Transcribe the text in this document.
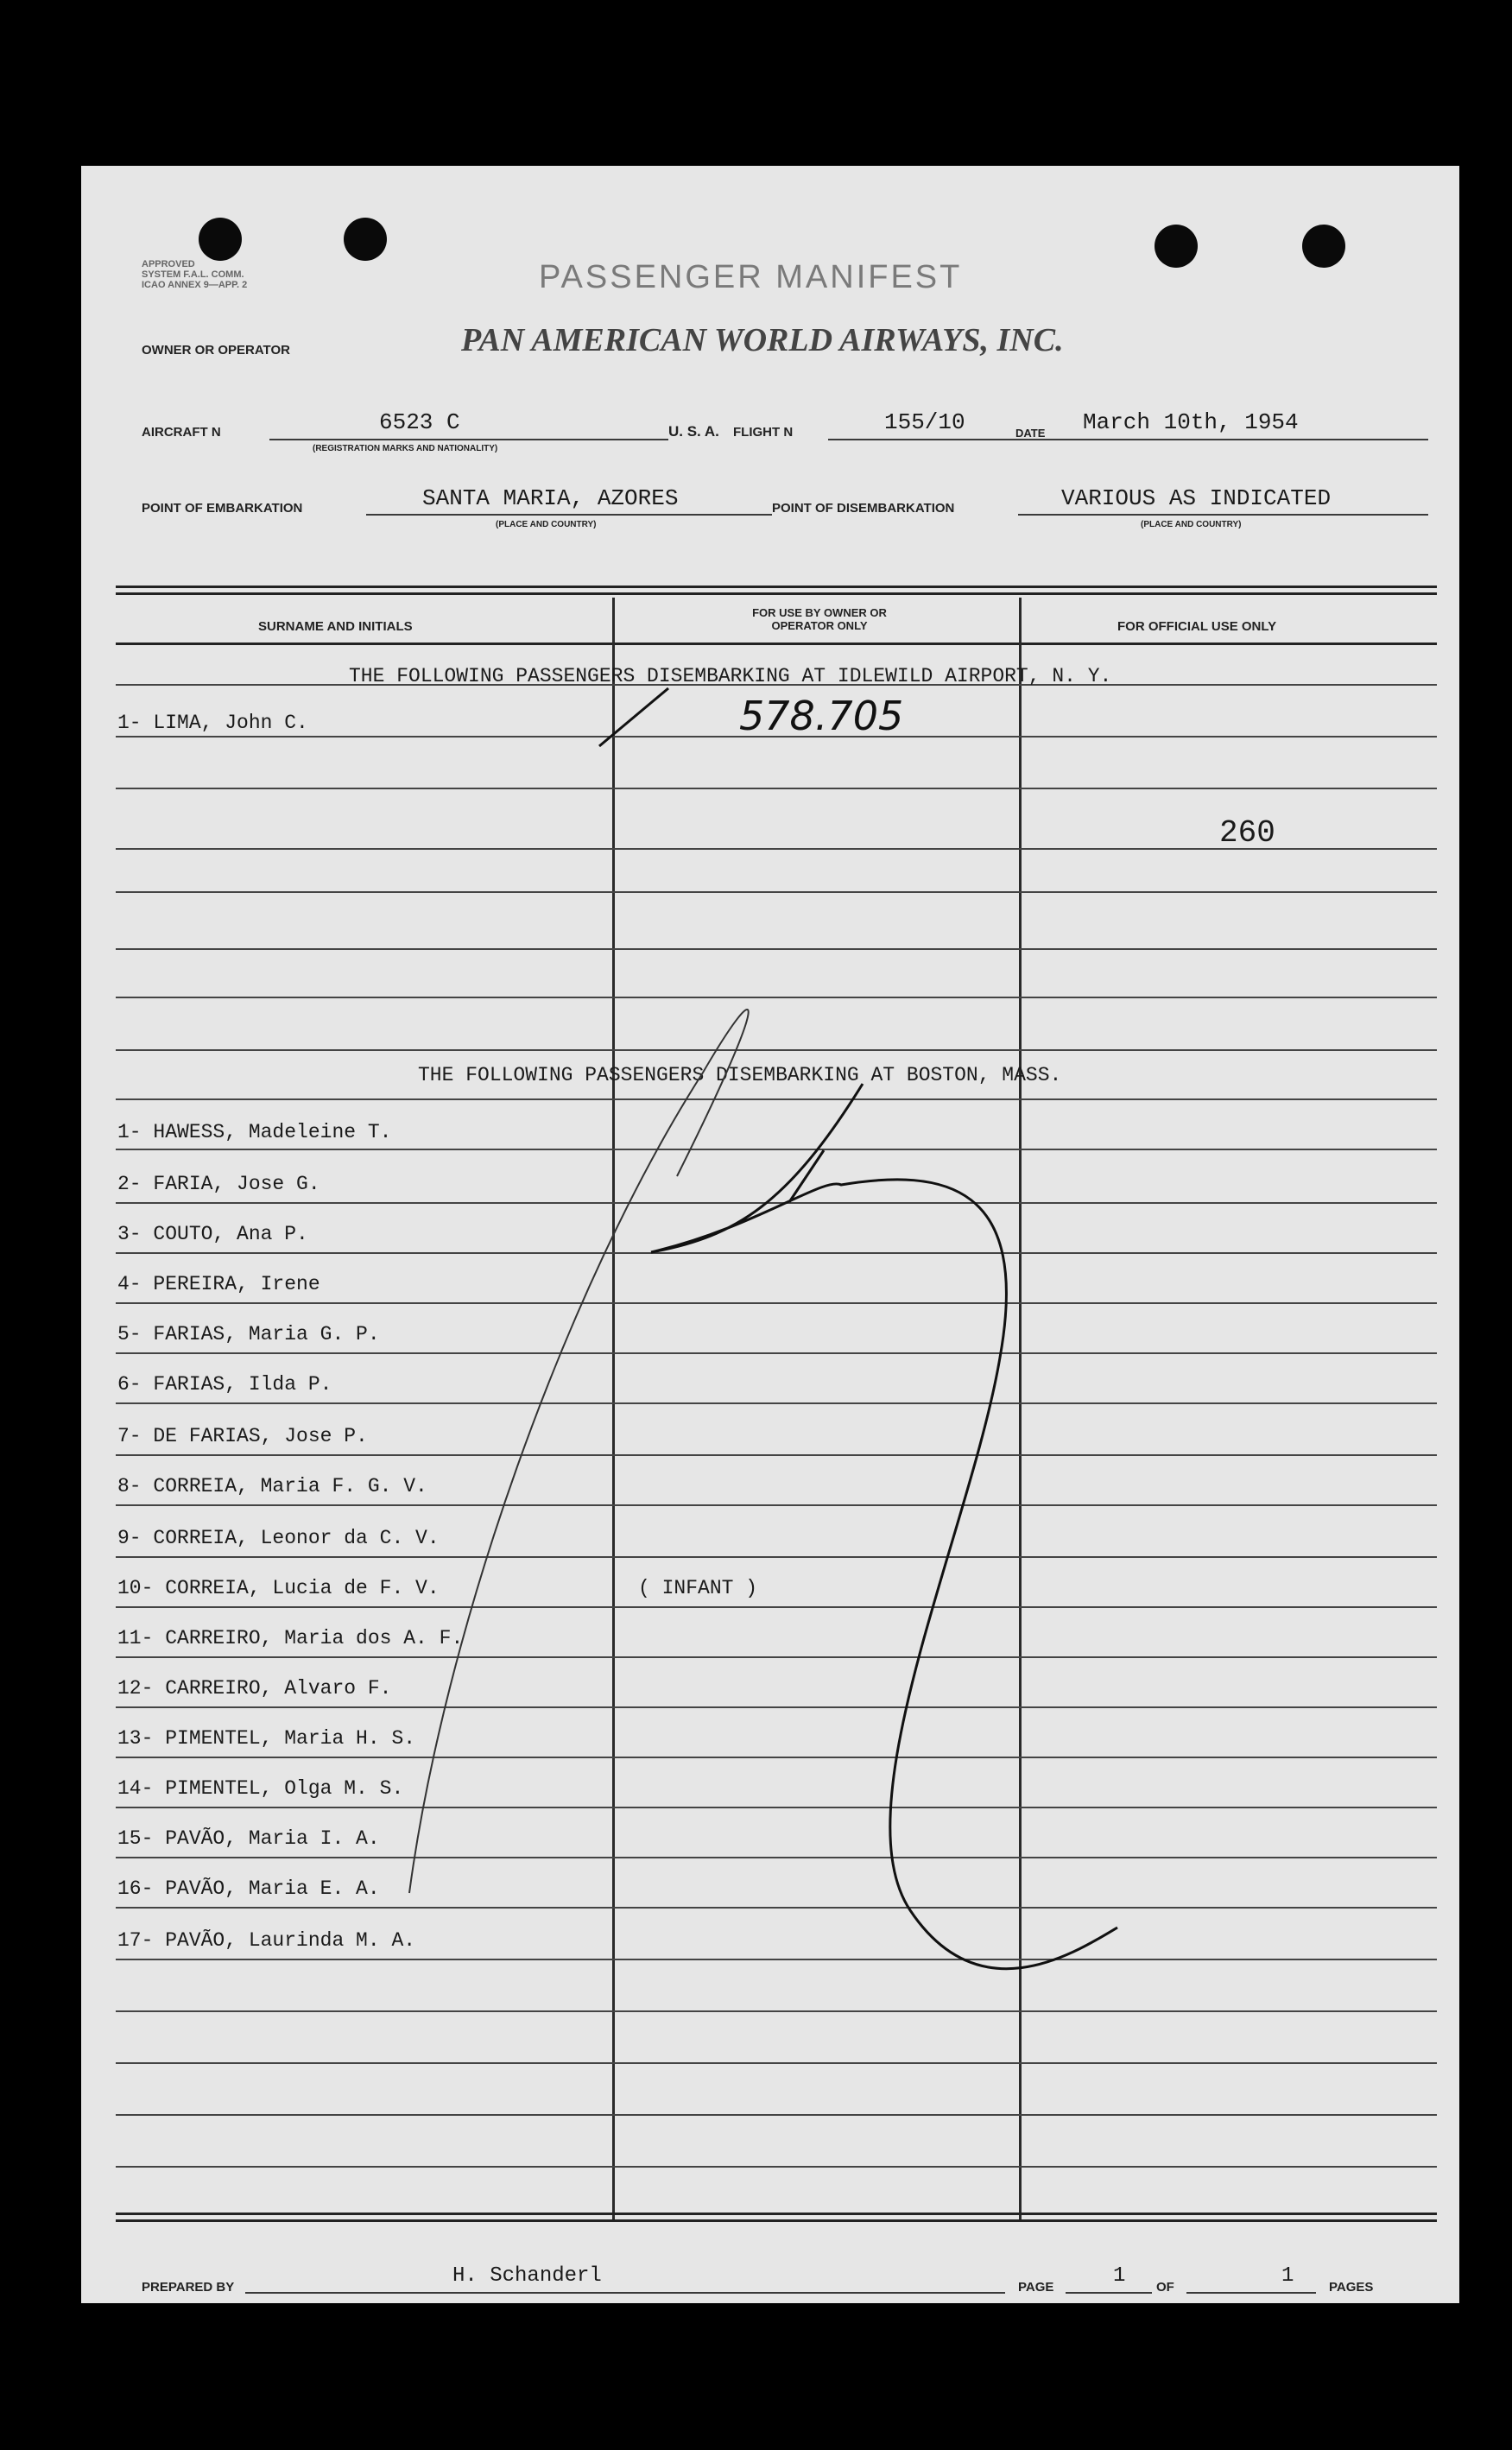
APPROVED
SYSTEM F.A.L. COMM.
ICAO ANNEX 9—APP. 2	PASSENGER MANIFEST
OWNER OR OPERATOR	PAN AMERICAN WORLD AIRWAYS, INC.
AIRCRAFT N	6523 C
(REGISTRATION MARKS AND NATIONALITY)
U. S. A. FLIGHT N	155/10	DATE March 10th, 1954
POINT OF EMBARKATION	SANTA MARIA, AZORES
(PLACE AND COUNTRY)
POINT OF DISEMBARKATION	VARIOUS AS INDICATED
(PLACE AND COUNTRY)
SURNAME AND INITIALS
FOR USE BY OWNER OR OPERATOR ONLY	FOR OFFICIAL USE ONLY
THE FOLLOWING PASSENGERS DISEMBARKING AT IDLEWILD AIRPORT, N. Y.
1- LIMA, John C.	578.705
260
THE FOLLOWING PASSENGERS DISEMBARKING AT BOSTON, MASS.
1- HAWESS, Madeleine T.
2- FARIA, Jose G.
3- COUTO, Ana P.
4- PEREIRA, Irene
5- FARIAS, Maria G. P.
6- FARIAS, Ilda P.
7- DE FARIAS, Jose P.
8- CORREIA, Maria F. G. V.
9- CORREIA, Leonor da C. V.
10- CORREIA, Lucia de F. V.	( INFANT )
11- CARREIRO, Maria dos A. F.
12- CARREIRO, Alvaro F.
13- PIMENTEL, Maria H. S.
14- PIMENTEL, Olga M. S.
15- PAVÃO, Maria I. A.
16- PAVÃO, Maria E. A.
17- PAVÃO, Laurinda M. A.
PREPARED BY	H. Schanderl	PAGE	1 OF	1	PAGES
